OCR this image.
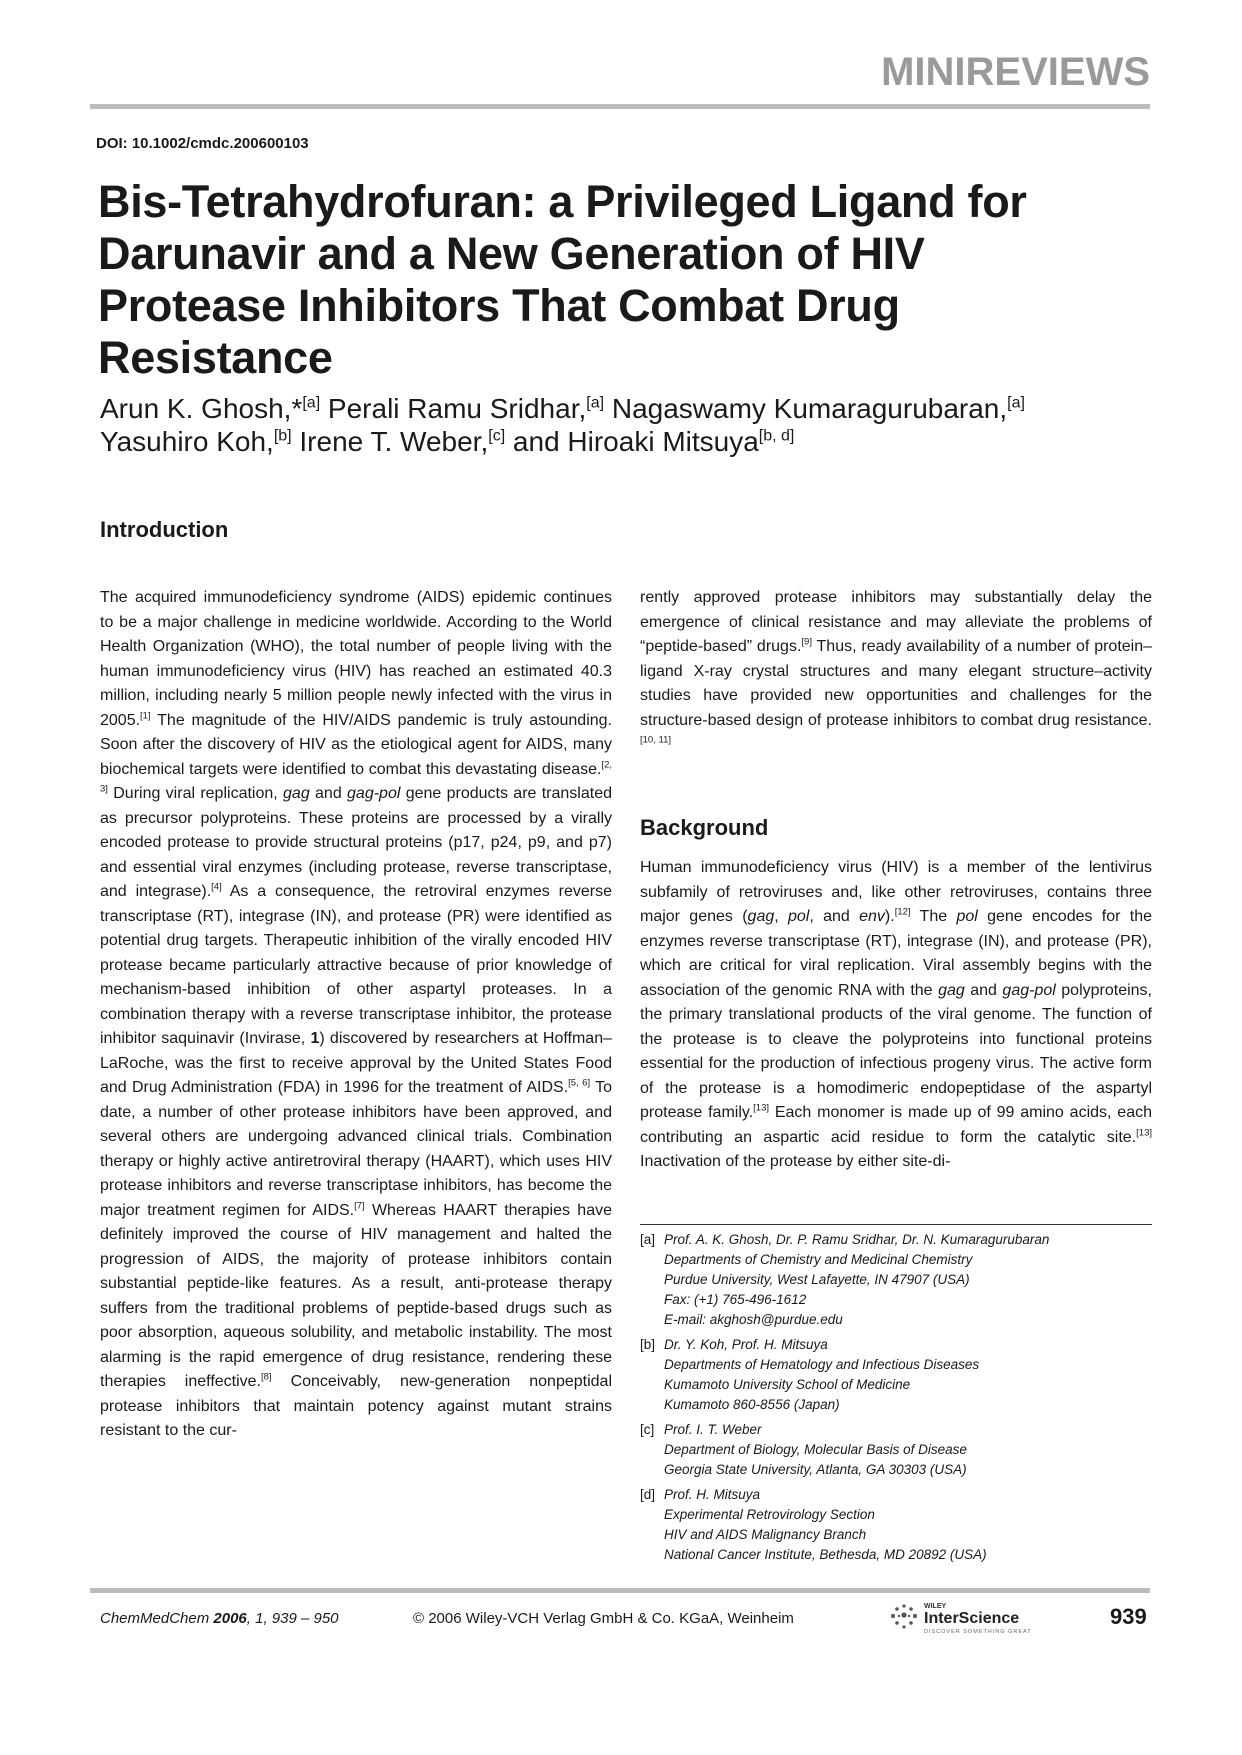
MINIREVIEWS
DOI: 10.1002/cmdc.200600103
Bis-Tetrahydrofuran: a Privileged Ligand for Darunavir and a New Generation of HIV Protease Inhibitors That Combat Drug Resistance
Arun K. Ghosh,*[a] Perali Ramu Sridhar,[a] Nagaswamy Kumaragurubaran,[a]
Yasuhiro Koh,[b] Irene T. Weber,[c] and Hiroaki Mitsuya[b, d]
Introduction

The acquired immunodeficiency syndrome (AIDS) epidemic continues to be a major challenge in medicine worldwide. According to the World Health Organization (WHO), the total number of people living with the human immunodeficiency virus (HIV) has reached an estimated 40.3 million, including nearly 5 million people newly infected with the virus in 2005.[1] The magnitude of the HIV/AIDS pandemic is truly astounding. Soon after the discovery of HIV as the etiological agent for AIDS, many biochemical targets were identified to combat this devastating disease.[2, 3] During viral replication, gag and gag-pol gene products are translated as precursor polyproteins. These proteins are processed by a virally encoded protease to provide structural proteins (p17, p24, p9, and p7) and essential viral enzymes (including protease, reverse transcriptase, and integrase).[4] As a consequence, the retroviral enzymes reverse transcriptase (RT), integrase (IN), and protease (PR) were identified as potential drug targets. Therapeutic inhibition of the virally encoded HIV protease became particularly attractive because of prior knowledge of mechanism-based inhibition of other aspartyl proteases. In a combination therapy with a reverse transcriptase inhibitor, the protease inhibitor saquinavir (Invirase, 1) discovered by researchers at Hoffman–LaRoche, was the first to receive approval by the United States Food and Drug Administration (FDA) in 1996 for the treatment of AIDS.[5, 6] To date, a number of other protease inhibitors have been approved, and several others are undergoing advanced clinical trials. Combination therapy or highly active antiretroviral therapy (HAART), which uses HIV protease inhibitors and reverse transcriptase inhibitors, has become the major treatment regimen for AIDS.[7] Whereas HAART therapies have definitely improved the course of HIV management and halted the progression of AIDS, the majority of protease inhibitors contain substantial peptide-like features. As a result, anti-protease therapy suffers from the traditional problems of peptide-based drugs such as poor absorption, aqueous solubility, and metabolic instability. The most alarming is the rapid emergence of drug resistance, rendering these therapies ineffective.[8] Conceivably, new-generation nonpeptidal protease inhibitors that maintain potency against mutant strains resistant to the cur-

rently approved protease inhibitors may substantially delay the emergence of clinical resistance and may alleviate the problems of “peptide-based” drugs.[9] Thus, ready availability of a number of protein–ligand X-ray crystal structures and many elegant structure–activity studies have provided new opportunities and challenges for the structure-based design of protease inhibitors to combat drug resistance.[10, 11]

Background

Human immunodeficiency virus (HIV) is a member of the lentivirus subfamily of retroviruses and, like other retroviruses, contains three major genes (gag, pol, and env).[12] The pol gene encodes for the enzymes reverse transcriptase (RT), integrase (IN), and protease (PR), which are critical for viral replication. Viral assembly begins with the association of the genomic RNA with the gag and gag-pol polyproteins, the primary translational products of the viral genome. The function of the protease is to cleave the polyproteins into functional proteins essential for the production of infectious progeny virus. The active form of the protease is a homodimeric endopeptidase of the aspartyl protease family.[13] Each monomer is made up of 99 amino acids, each contributing an aspartic acid residue to form the catalytic site.[13] Inactivation of the protease by either site-di-

[a] Prof. A. K. Ghosh, Dr. P. Ramu Sridhar, Dr. N. Kumaragurubaran
Departments of Chemistry and Medicinal Chemistry
Purdue University, West Lafayette, IN 47907 (USA)
Fax: (+1) 765-496-1612
E-mail: akghosh@purdue.edu
[b] Dr. Y. Koh, Prof. H. Mitsuya
Departments of Hematology and Infectious Diseases
Kumamoto University School of Medicine
Kumamoto 860-8556 (Japan)
[c] Prof. I. T. Weber
Department of Biology, Molecular Basis of Disease
Georgia State University, Atlanta, GA 30303 (USA)
[d] Prof. H. Mitsuya
Experimental Retrovirology Section
HIV and AIDS Malignancy Branch
National Cancer Institute, Bethesda, MD 20892 (USA)
ChemMedChem 2006, 1, 939 – 950	© 2006 Wiley-VCH Verlag GmbH & Co. KGaA, Weinheim
WILEY
InterScience
DISCOVER SOMETHING GREAT
939
